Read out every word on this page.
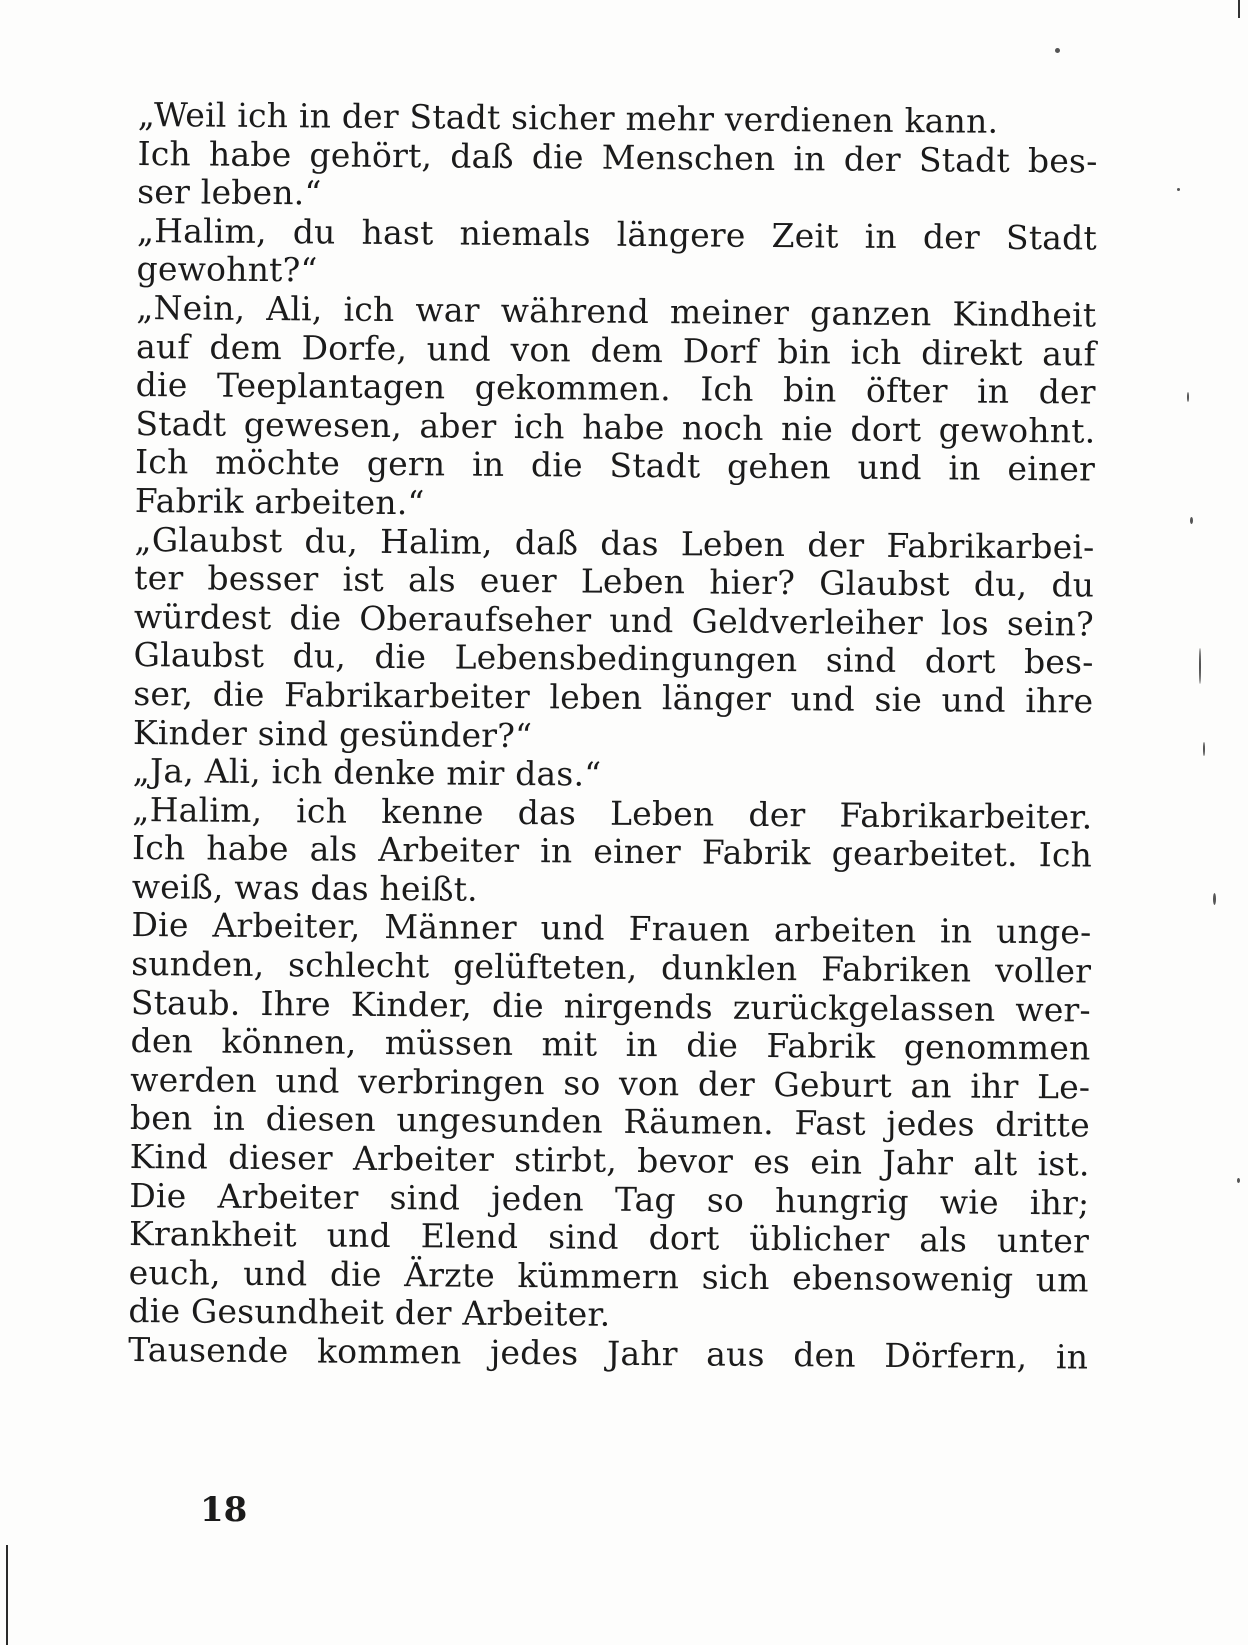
„Weil ich in der Stadt sicher mehr verdienen kann.
Ich habe gehört, daß die Menschen in der Stadt bes-
ser leben.“
„Halim, du hast niemals längere Zeit in der Stadt
gewohnt?“
„Nein, Ali, ich war während meiner ganzen Kindheit
auf dem Dorfe, und von dem Dorf bin ich direkt auf
die Teeplantagen gekommen. Ich bin öfter in der
Stadt gewesen, aber ich habe noch nie dort gewohnt.
Ich möchte gern in die Stadt gehen und in einer
Fabrik arbeiten.“
„Glaubst du, Halim, daß das Leben der Fabrikarbei-
ter besser ist als euer Leben hier? Glaubst du, du
würdest die Oberaufseher und Geldverleiher los sein?
Glaubst du, die Lebensbedingungen sind dort bes-
ser, die Fabrikarbeiter leben länger und sie und ihre
Kinder sind gesünder?“
„Ja, Ali, ich denke mir das.“
„Halim, ich kenne das Leben der Fabrikarbeiter.
Ich habe als Arbeiter in einer Fabrik gearbeitet. Ich
weiß, was das heißt.
Die Arbeiter, Männer und Frauen arbeiten in unge-
sunden, schlecht gelüfteten, dunklen Fabriken voller
Staub. Ihre Kinder, die nirgends zurückgelassen wer-
den können, müssen mit in die Fabrik genommen
werden und verbringen so von der Geburt an ihr Le-
ben in diesen ungesunden Räumen. Fast jedes dritte
Kind dieser Arbeiter stirbt, bevor es ein Jahr alt ist.
Die Arbeiter sind jeden Tag so hungrig wie ihr;
Krankheit und Elend sind dort üblicher als unter
euch, und die Ärzte kümmern sich ebensowenig um
die Gesundheit der Arbeiter.
Tausende kommen jedes Jahr aus den Dörfern, in
18
